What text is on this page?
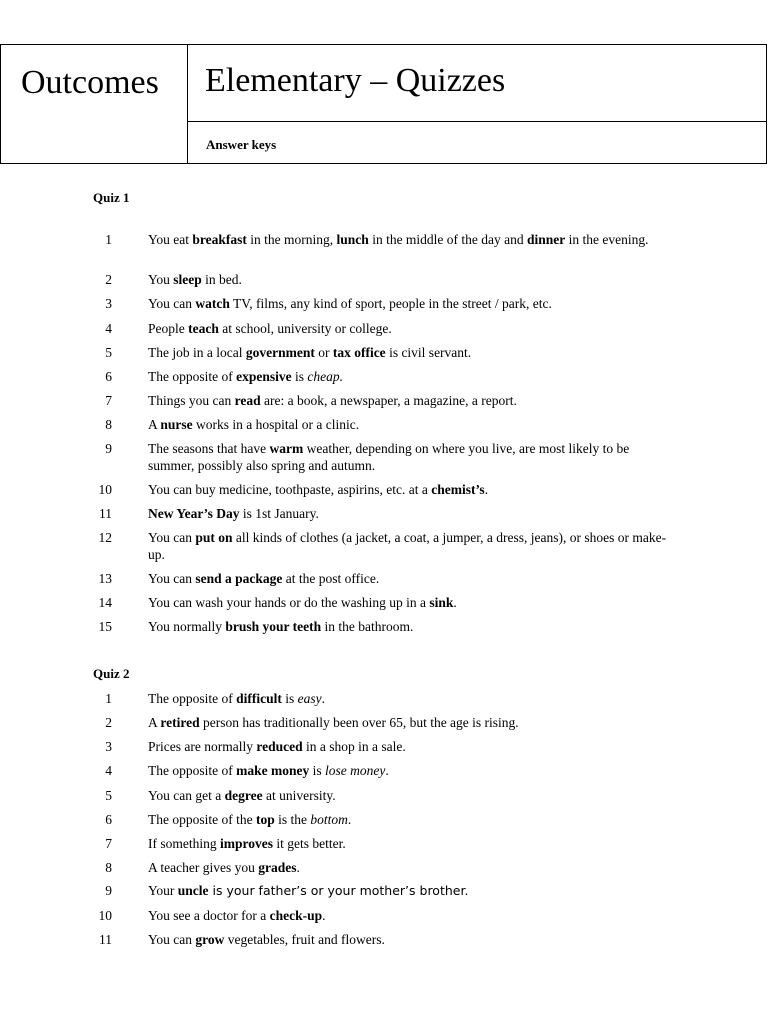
Outcomes Elementary – Quizzes
Answer keys
Quiz 1
1	You eat breakfast in the morning, lunch in the middle of the day and dinner in the evening.
2	You sleep in bed.
3	You can watch TV, films, any kind of sport, people in the street / park, etc.
4	People teach at school, university or college.
5	The job in a local government or tax office is civil servant.
6	The opposite of expensive is cheap.
7	Things you can read are: a book, a newspaper, a magazine, a report.
8	A nurse works in a hospital or a clinic.
9	The seasons that have warm weather, depending on where you live, are most likely to be summer, possibly also spring and autumn.
10	You can buy medicine, toothpaste, aspirins, etc. at a chemist’s.
11	New Year’s Day is 1st January.
12	You can put on all kinds of clothes (a jacket, a coat, a jumper, a dress, jeans), or shoes or make-up.
13	You can send a package at the post office.
14	You can wash your hands or do the washing up in a sink.
15	You normally brush your teeth in the bathroom.
Quiz 2
1	The opposite of difficult is easy.
2	A retired person has traditionally been over 65, but the age is rising.
3	Prices are normally reduced in a shop in a sale.
4	The opposite of make money is lose money.
5	You can get a degree at university.
6	The opposite of the top is the bottom.
7	If something improves it gets better.
8	A teacher gives you grades.
9	Your uncle is your father’s or your mother’s brother.
10	You see a doctor for a check-up.
11	You can grow vegetables, fruit and flowers.
